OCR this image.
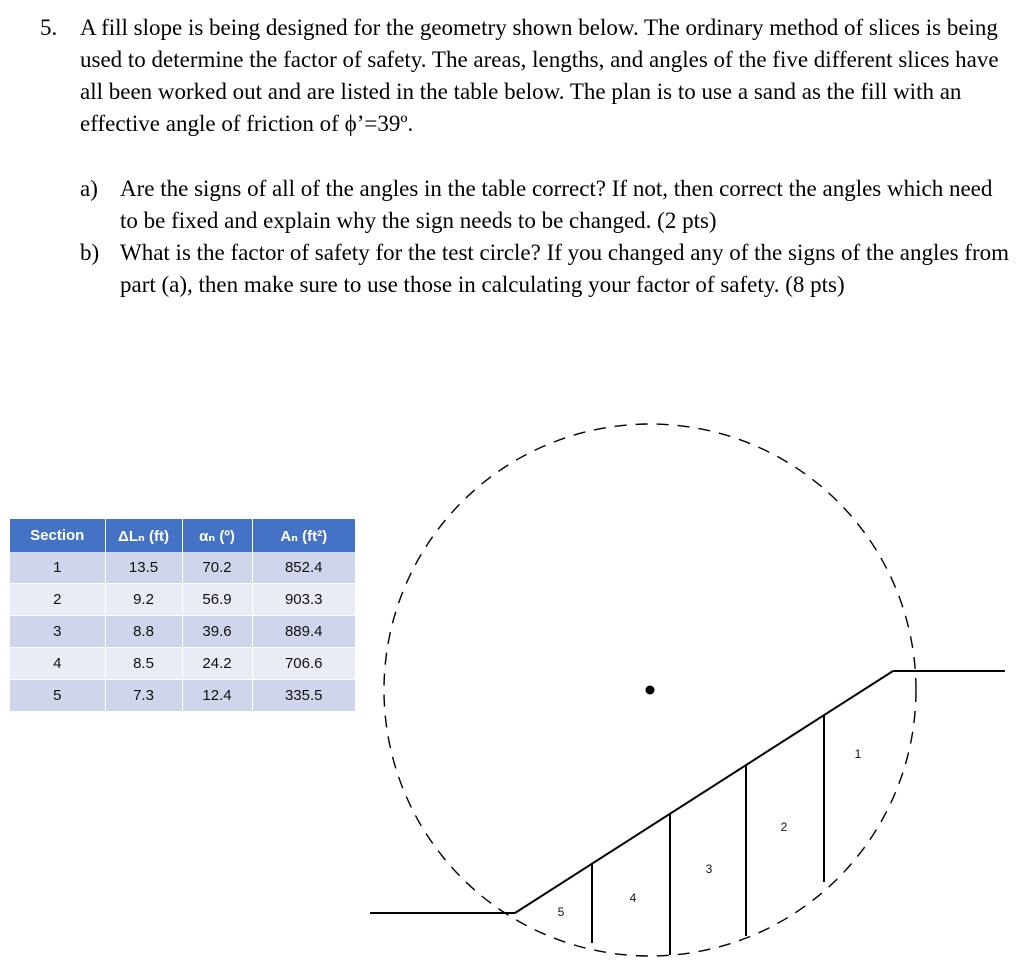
5. A fill slope is being designed for the geometry shown below. The ordinary method of slices is being used to determine the factor of safety. The areas, lengths, and angles of the five different slices have all been worked out and are listed in the table below. The plan is to use a sand as the fill with an effective angle of friction of ϕ’=39º.
a) Are the signs of all of the angles in the table correct? If not, then correct the angles which need to be fixed and explain why the sign needs to be changed. (2 pts)
b) What is the factor of safety for the test circle? If you changed any of the signs of the angles from part (a), then make sure to use those in calculating your factor of safety. (8 pts)
Section	ΔLₙ (ft)	αₙ (º)	Aₙ (ft²)
1	13.5	70.2	852.4
2	9.2	56.9	903.3
3	8.8	39.6	889.4
4	8.5	24.2	706.6
5	7.3	12.4	335.5
1
2
3
4
5
